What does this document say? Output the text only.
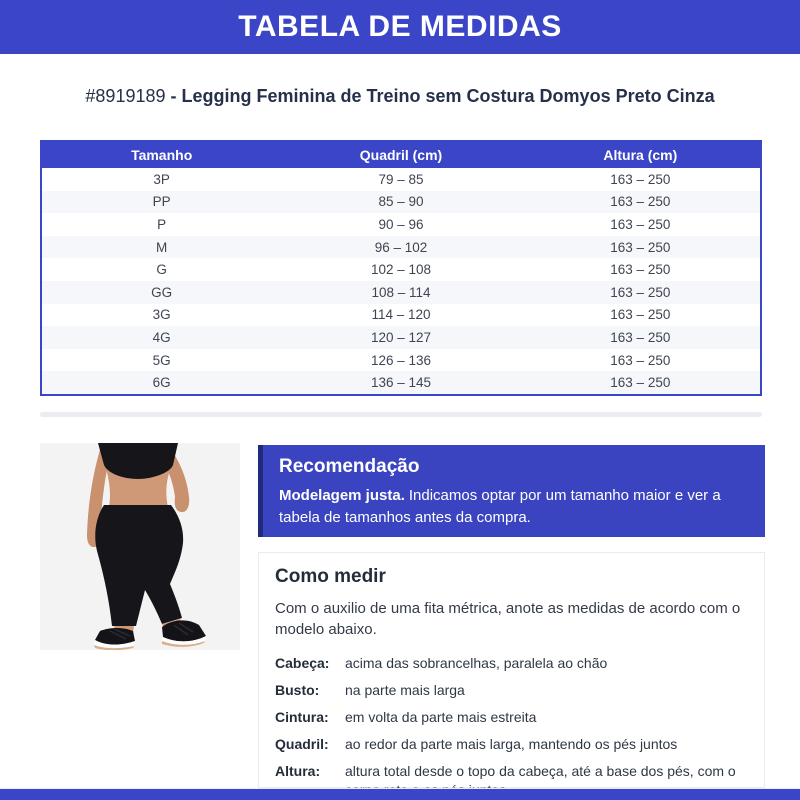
TABELA DE MEDIDAS
#8919189 - Legging Feminina de Treino sem Costura Domyos Preto Cinza
Tamanho	Quadril (cm)	Altura (cm)
3P	79 – 85	163 – 250
PP	85 – 90	163 – 250
P	90 – 96	163 – 250
M	96 – 102	163 – 250
G	102 – 108	163 – 250
GG	108 – 114	163 – 250
3G	114 – 120	163 – 250
4G	120 – 127	163 – 250
5G	126 – 136	163 – 250
6G	136 – 145	163 – 250
Recomendação

Modelagem justa. Indicamos optar por um tamanho maior e ver a tabela de tamanhos antes da compra.

Como medir

Com o auxilio de uma fita métrica, anote as medidas de acordo com o modelo abaixo.

Cabeça:	acima das sobrancelhas, paralela ao chão
Busto:	na parte mais larga
Cintura:	em volta da parte mais estreita
Quadril:	ao redor da parte mais larga, mantendo os pés juntos
Altura:	altura total desde o topo da cabeça, até a base dos pés, com o
